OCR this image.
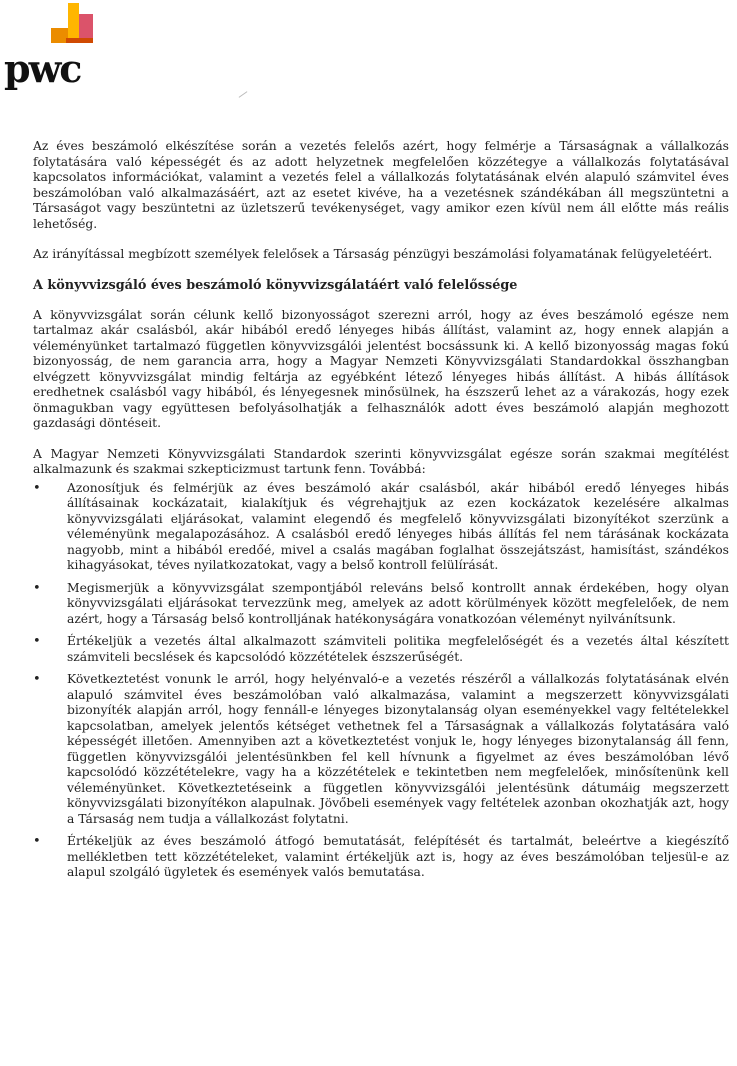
pwc

Az éves beszámoló elkészítése során a vezetés felelős azért, hogy felmérje a Társaságnak a vállalkozás folytatására való képességét és az adott helyzetnek megfelelően közzétegye a vállalkozás folytatásával kapcsolatos információkat, valamint a vezetés felel a vállalkozás folytatásának elvén alapuló számvitel éves beszámolóban való alkalmazásáért, azt az esetet kivéve, ha a vezetésnek szándékában áll megszüntetni a Társaságot vagy beszüntetni az üzletszerű tevékenységet, vagy amikor ezen kívül nem áll előtte más reális lehetőség.

Az irányítással megbízott személyek felelősek a Társaság pénzügyi beszámolási folyamatának felügyeletéért.

A könyvvizsgáló éves beszámoló könyvvizsgálatáért való felelőssége

A könyvvizsgálat során célunk kellő bizonyosságot szerezni arról, hogy az éves beszámoló egésze nem tartalmaz akár csalásból, akár hibából eredő lényeges hibás állítást, valamint az, hogy ennek alapján a véleményünket tartalmazó független könyvvizsgálói jelentést bocsássunk ki. A kellő bizonyosság magas fokú bizonyosság, de nem garancia arra, hogy a Magyar Nemzeti Könyvvizsgálati Standardokkal összhangban elvégzett könyvvizsgálat mindig feltárja az egyébként létező lényeges hibás állítást. A hibás állítások eredhetnek csalásból vagy hibából, és lényegesnek minősülnek, ha észszerű lehet az a várakozás, hogy ezek önmagukban vagy együttesen befolyásolhatják a felhasználók adott éves beszámoló alapján meghozott gazdasági döntéseit.

A Magyar Nemzeti Könyvvizsgálati Standardok szerinti könyvvizsgálat egésze során szakmai megítélést alkalmazunk és szakmai szkepticizmust tartunk fenn. Továbbá:

• Azonosítjuk és felmérjük az éves beszámoló akár csalásból, akár hibából eredő lényeges hibás állításainak kockázatait, kialakítjuk és végrehajtjuk az ezen kockázatok kezelésére alkalmas könyvvizsgálati eljárásokat, valamint elegendő és megfelelő könyvvizsgálati bizonyítékot szerzünk a véleményünk megalapozásához. A csalásból eredő lényeges hibás állítás fel nem tárásának kockázata nagyobb, mint a hibából eredőé, mivel a csalás magában foglalhat összejátszást, hamisítást, szándékos kihagyásokat, téves nyilatkozatokat, vagy a belső kontroll felülírását.
• Megismerjük a könyvvizsgálat szempontjából releváns belső kontrollt annak érdekében, hogy olyan könyvvizsgálati eljárásokat tervezzünk meg, amelyek az adott körülmények között megfelelőek, de nem azért, hogy a Társaság belső kontrolljának hatékonyságára vonatkozóan véleményt nyilvánítsunk.
• Értékeljük a vezetés által alkalmazott számviteli politika megfelelőségét és a vezetés által készített számviteli becslések és kapcsolódó közzétételek észszerűségét.
• Következtetést vonunk le arról, hogy helyénvaló-e a vezetés részéről a vállalkozás folytatásának elvén alapuló számvitel éves beszámolóban való alkalmazása, valamint a megszerzett könyvvizsgálati bizonyíték alapján arról, hogy fennáll-e lényeges bizonytalanság olyan eseményekkel vagy feltételekkel kapcsolatban, amelyek jelentős kétséget vethetnek fel a Társaságnak a vállalkozás folytatására való képességét illetően. Amennyiben azt a következtetést vonjuk le, hogy lényeges bizonytalanság áll fenn, független könyvvizsgálói jelentésünkben fel kell hívnunk a figyelmet az éves beszámolóban lévő kapcsolódó közzétételekre, vagy ha a közzétételek e tekintetben nem megfelelőek, minősítenünk kell véleményünket. Következtetéseink a független könyvvizsgálói jelentésünk dátumáig megszerzett könyvvizsgálati bizonyítékon alapulnak. Jövőbeli események vagy feltételek azonban okozhatják azt, hogy a Társaság nem tudja a vállalkozást folytatni.
• Értékeljük az éves beszámoló átfogó bemutatását, felépítését és tartalmát, beleértve a kiegészítő mellékletben tett közzétételeket, valamint értékeljük azt is, hogy az éves beszámolóban teljesül-e az alapul szolgáló ügyletek és események valós bemutatása.
